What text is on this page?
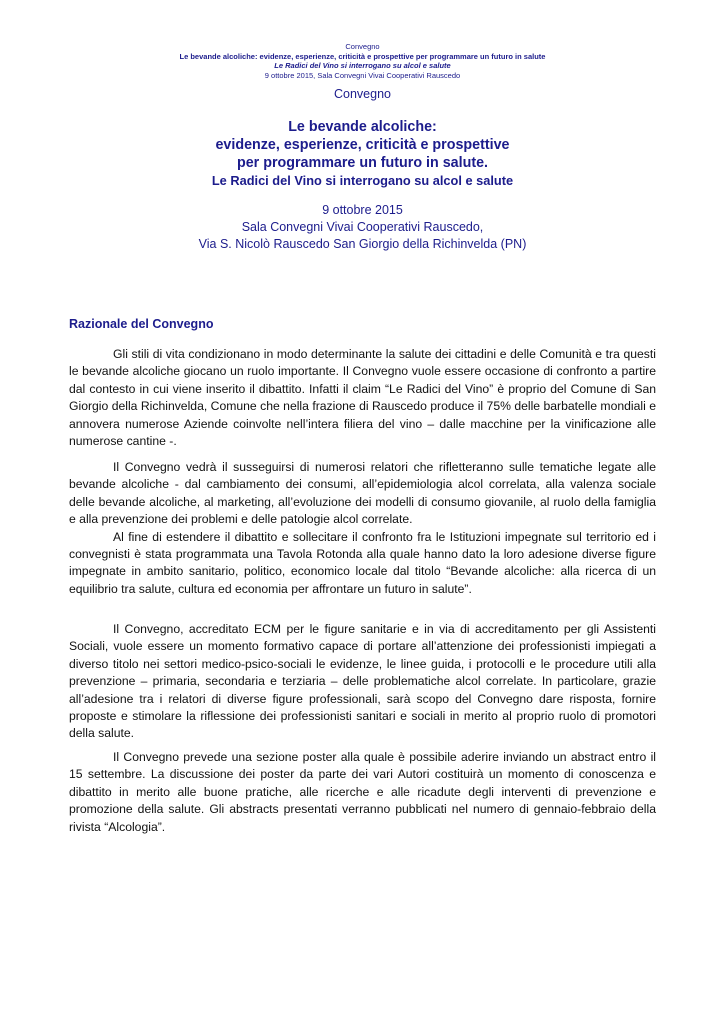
Convegno
Le bevande alcoliche: evidenze, esperienze, criticità e prospettive per programmare un futuro in salute
Le Radici del Vino si interrogano su alcol e salute
9 ottobre 2015, Sala Convegni Vivai Cooperativi Rauscedo
Convegno
Le bevande alcoliche:
evidenze, esperienze, criticità e prospettive
per programmare un futuro in salute.
Le Radici del Vino si interrogano su alcol e salute
9 ottobre 2015
Sala Convegni Vivai Cooperativi Rauscedo,
Via S. Nicolò Rauscedo San Giorgio della Richinvelda (PN)
Razionale del Convegno

Gli stili di vita condizionano in modo determinante la salute dei cittadini e delle Comunità e tra questi le bevande alcoliche giocano un ruolo importante. Il Convegno vuole essere occasione di confronto a partire dal contesto in cui viene inserito il dibattito. Infatti il claim “Le Radici del Vino” è proprio del Comune di San Giorgio della Richinvelda, Comune che nella frazione di Rauscedo produce il 75% delle barbatelle mondiali e annovera numerose Aziende coinvolte nell’intera filiera del vino – dalle macchine per la vinificazione alle numerose cantine -.

Il Convegno vedrà il susseguirsi di numerosi relatori che rifletteranno sulle tematiche legate alle bevande alcoliche - dal cambiamento dei consumi, all’epidemiologia alcol correlata, alla valenza sociale delle bevande alcoliche, al marketing, all’evoluzione dei modelli di consumo giovanile, al ruolo della famiglia e alla prevenzione dei problemi e delle patologie alcol correlate.

Al fine di estendere il dibattito e sollecitare il confronto fra le Istituzioni impegnate sul territorio ed i convegnisti è stata programmata una Tavola Rotonda alla quale hanno dato la loro adesione diverse figure impegnate in ambito sanitario, politico, economico locale dal titolo “Bevande alcoliche: alla ricerca di un equilibrio tra salute, cultura ed economia per affrontare un futuro in salute”.

Il Convegno, accreditato ECM per le figure sanitarie e in via di accreditamento per gli Assistenti Sociali, vuole essere un momento formativo capace di portare all’attenzione dei professionisti impiegati a diverso titolo nei settori medico-psico-sociali le evidenze, le linee guida, i protocolli e le procedure utili alla prevenzione – primaria, secondaria e terziaria – delle problematiche alcol correlate. In particolare, grazie all’adesione tra i relatori di diverse figure professionali, sarà scopo del Convegno dare risposta, fornire proposte e stimolare la riflessione dei professionisti sanitari e sociali in merito al proprio ruolo di promotori della salute.

Il Convegno prevede una sezione poster alla quale è possibile aderire inviando un abstract entro il 15 settembre. La discussione dei poster da parte dei vari Autori costituirà un momento di conoscenza e dibattito in merito alle buone pratiche, alle ricerche e alle ricadute degli interventi di prevenzione e promozione della salute. Gli abstracts presentati verranno pubblicati nel numero di gennaio-febbraio della rivista “Alcologia”.
